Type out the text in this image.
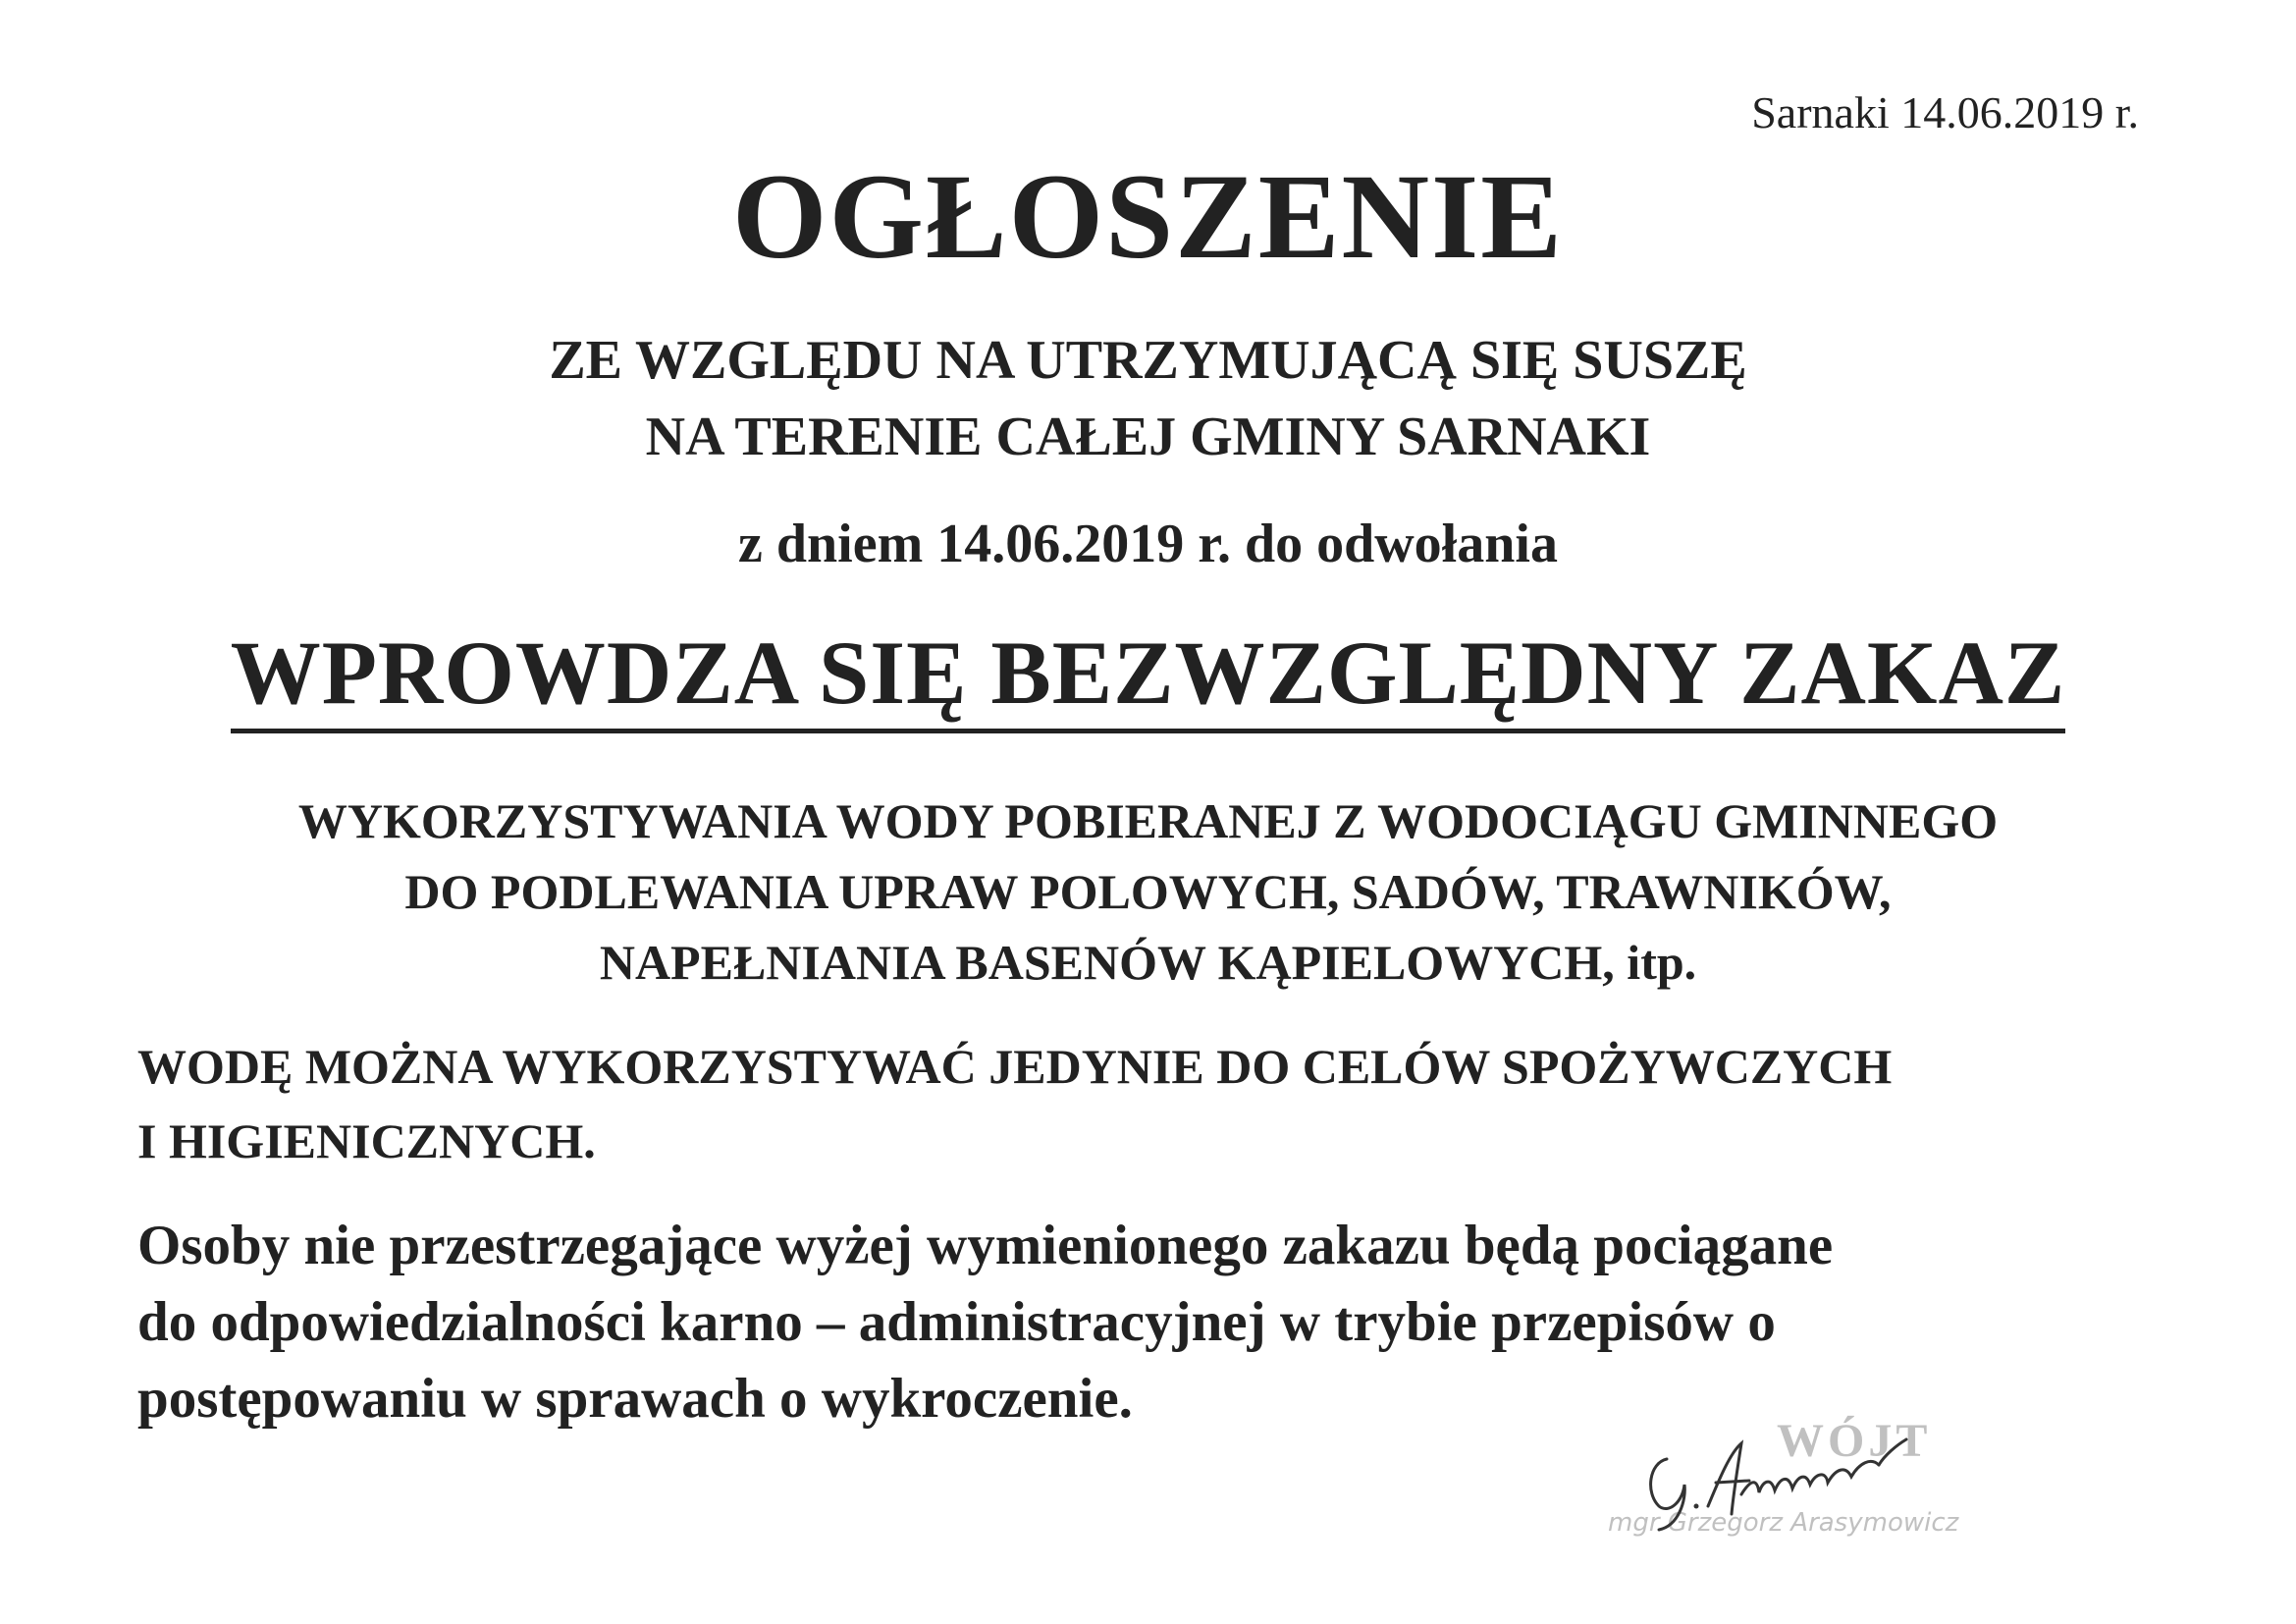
Sarnaki 14.06.2019 r.
OGŁOSZENIE
ZE WZGLĘDU NA UTRZYMUJĄCĄ SIĘ SUSZĘ
NA TERENIE CAŁEJ GMINY SARNAKI
z dniem 14.06.2019 r. do odwołania
WPROWDZA SIĘ BEZWZGLĘDNY ZAKAZ
WYKORZYSTYWANIA WODY POBIERANEJ Z WODOCIĄGU GMINNEGO
DO PODLEWANIA UPRAW POLOWYCH, SADÓW, TRAWNIKÓW,
NAPEŁNIANIA BASENÓW KĄPIELOWYCH, itp.
WODĘ MOŻNA WYKORZYSTYWAĆ JEDYNIE DO CELÓW SPOŻYWCZYCH
I HIGIENICZNYCH.
Osoby nie przestrzegające wyżej wymienionego zakazu będą pociągane
do odpowiedzialności karno – administracyjnej w trybie przepisów o
postępowaniu w sprawach o wykroczenie.
WÓJT
mgr Grzegorz Arasymowicz
